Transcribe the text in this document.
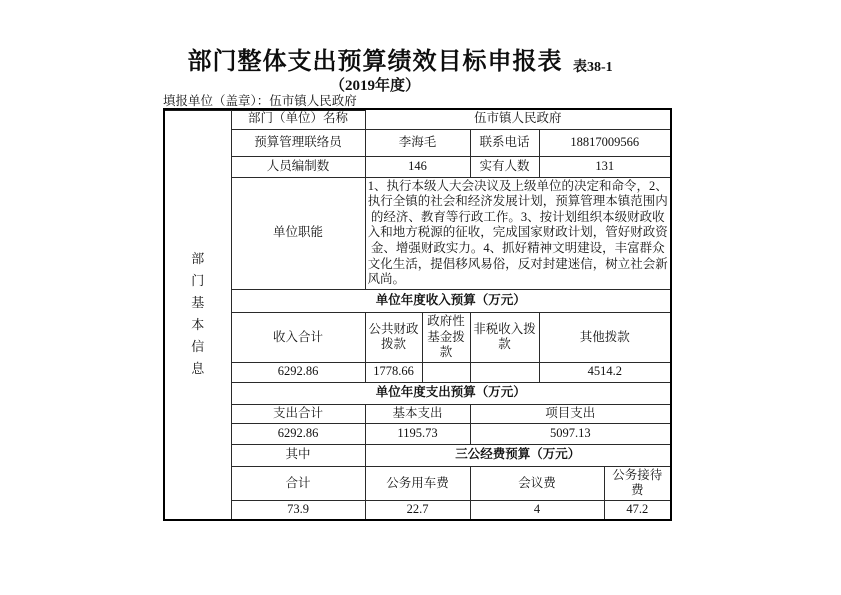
部门整体支出预算绩效目标申报表 表38-1
（2019年度）
填报单位（盖章）：伍市镇人民政府
部门基本信息	部门（单位）名称	伍市镇人民政府				
	预算管理联络员	李海毛		联系电话	18817009566	
	人员编制数	146		实有人数	131	
	单位职能	1、执行本级人大会决议及上级单位的决定和命令，2、执行全镇的社会和经济发展计划，预算管理本镇范围内的经济、教育等行政工作。3、按计划组织本级财政收入和地方税源的征收，完成国家财政计划，管好财政资金、增强财政实力。4、抓好精神文明建设，丰富群众文化生活，提倡移风易俗，反对封建迷信，树立社会新风尚。				
	单位年度收入预算（万元）					
	收入合计	公共财政拨款	政府性基金拨款	非税收入拨款	其他拨款	
	6292.86	1778.66			4514.2	
	单位年度支出预算（万元）					
	支出合计	基本支出		项目支出		
	6292.86	1195.73		5097.13		
	其中	三公经费预算（万元）				
	合计	公务用车费		会议费		公务接待费
	73.9	22.7		4		47.2
